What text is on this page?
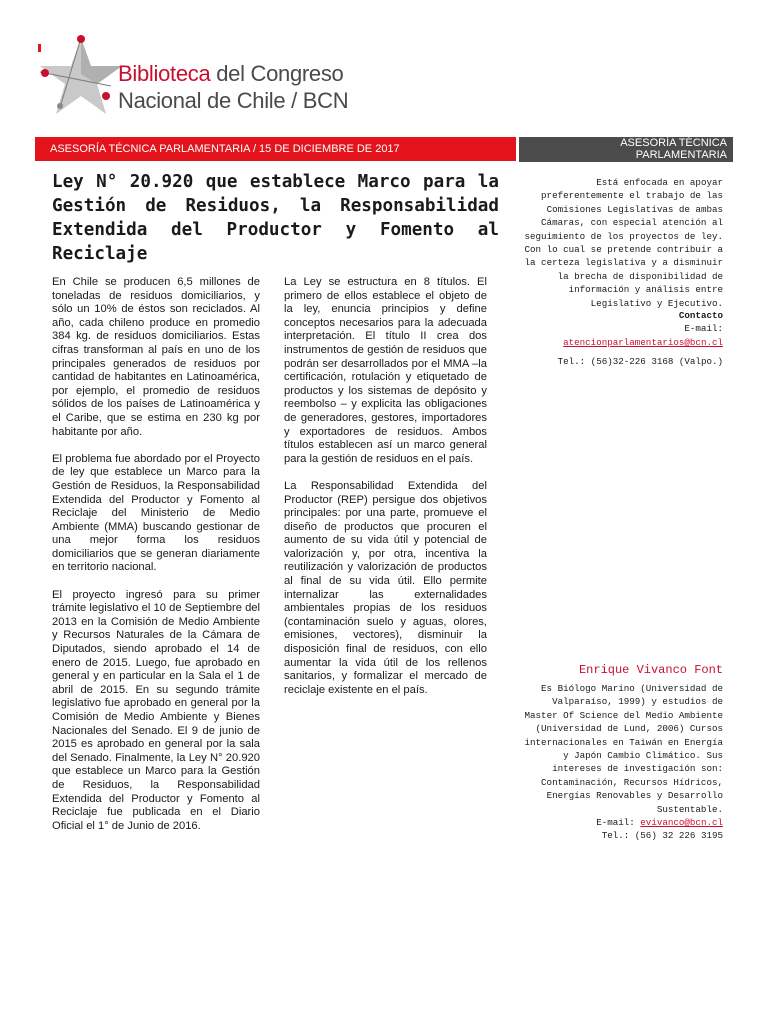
Biblioteca del Congreso
Nacional de Chile / BCN
ASESORÍA TÉCNICA PARLAMENTARIA / 15 DE DICIEMBRE DE 2017	ASESORÍA TÉCNICA
PARLAMENTARIA
Ley N° 20.920 que establece Marco para la Gestión de Residuos, la Responsabilidad Extendida del Productor y Fomento al Reciclaje

En Chile se producen 6,5 millones de toneladas de residuos domiciliarios, y sólo un 10% de éstos son reciclados. Al año, cada chileno produce en promedio 384 kg. de residuos domiciliarios. Estas cifras transforman al país en uno de los principales generados de residuos por cantidad de habitantes en Latinoamérica, por ejemplo, el promedio de residuos sólidos de los países de Latinoamérica y el Caribe, que se estima en 230 kg por habitante por año.

El problema fue abordado por el Proyecto de ley que establece un Marco para la Gestión de Residuos, la Responsabilidad Extendida del Productor y Fomento al Reciclaje del Ministerio de Medio Ambiente (MMA) buscando gestionar de una mejor forma los residuos domiciliarios que se generan diariamente en territorio nacional.

El proyecto ingresó para su primer trámite legislativo el 10 de Septiembre del 2013 en la Comisión de Medio Ambiente y Recursos Naturales de la Cámara de Diputados, siendo aprobado el 14 de enero de 2015. Luego, fue aprobado en general y en particular en la Sala el 1 de abril de 2015. En su segundo trámite legislativo fue aprobado en general por la Comisión de Medio Ambiente y Bienes Nacionales del Senado. El 9 de junio de 2015 es aprobado en general por la sala del Senado. Finalmente, la Ley N° 20.920 que establece un Marco para la Gestión de Residuos, la Responsabilidad Extendida del Productor y Fomento al Reciclaje fue publicada en el Diario Oficial el 1° de Junio de 2016.

La Ley se estructura en 8 títulos. El primero de ellos establece el objeto de la ley, enuncia principios y define conceptos necesarios para la adecuada interpretación. El título II crea dos instrumentos de gestión de residuos que podrán ser desarrollados por el MMA –la certificación, rotulación y etiquetado de productos y los sistemas de depósito y reembolso – y explicita las obligaciones de generadores, gestores, importadores y exportadores de residuos. Ambos títulos establecen así un marco general para la gestión de residuos en el país.

La Responsabilidad Extendida del Productor (REP) persigue dos objetivos principales: por una parte, promueve el diseño de productos que procuren el aumento de su vida útil y potencial de valorización y, por otra, incentiva la reutilización y valorización de productos al final de su vida útil. Ello permite internalizar las externalidades ambientales propias de los residuos (contaminación suelo y aguas, olores, emisiones, vectores), disminuir la disposición final de residuos, con ello aumentar la vida útil de los rellenos sanitarios, y formalizar el mercado de reciclaje existente en el país.

Está enfocada en apoyar preferentemente el trabajo de las Comisiones Legislativas de ambas Cámaras, con especial atención al seguimiento de los proyectos de ley. Con lo cual se pretende contribuir a la certeza legislativa y a disminuir la brecha de disponibilidad de información y análisis entre Legislativo y Ejecutivo.

Contacto

E-mail: atencionparlamentarios@bcn.cl

Tel.: (56)32-226 3168 (Valpo.)

Enrique Vivanco Font

Es Biólogo Marino (Universidad de Valparaíso, 1999) y estudios de Master Of Science del Medio Ambiente (Universidad de Lund, 2006) Cursos internacionales en Taiwán en Energía y Japón Cambio Climático. Sus intereses de investigación son: Contaminación, Recursos Hídricos, Energías Renovables y Desarrollo Sustentable.

E-mail: evivanco@bcn.cl

Tel.: (56) 32 226 3195
